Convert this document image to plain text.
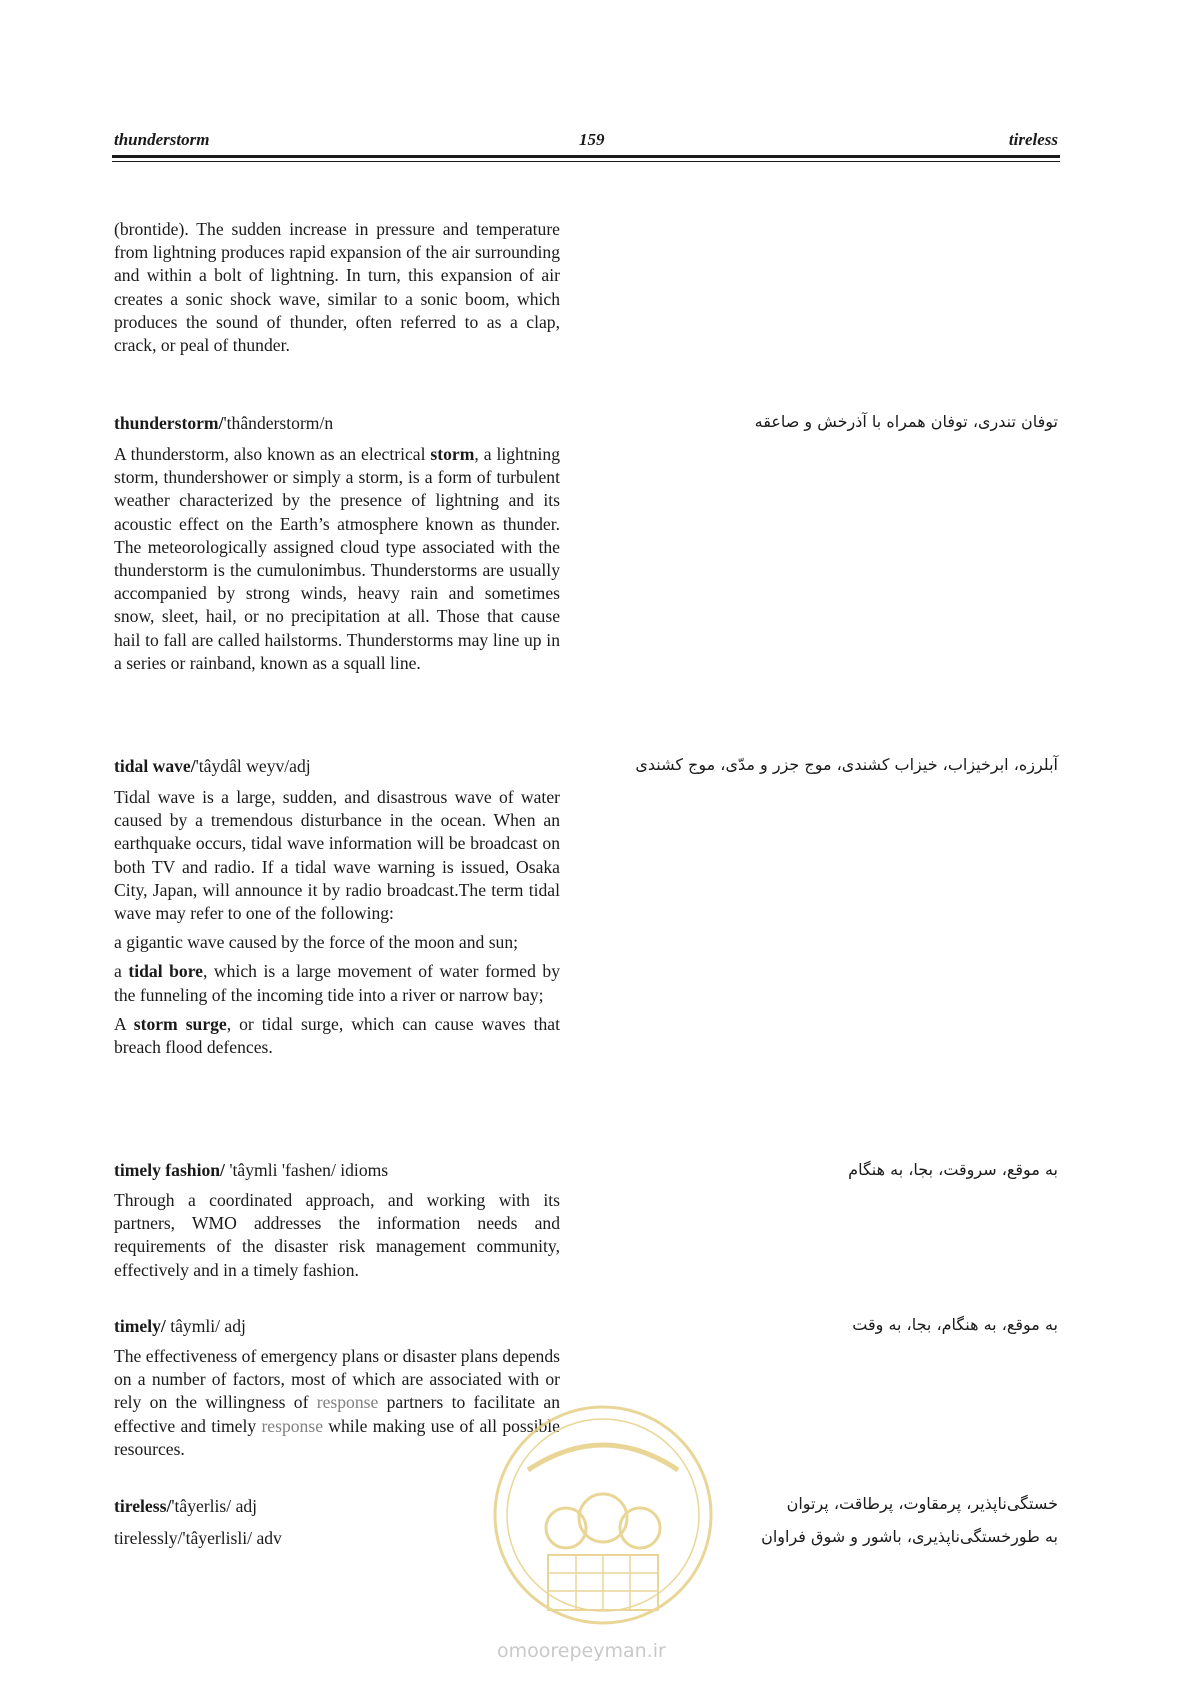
thunderstorm	159	tireless

(brontide). The sudden increase in pressure and temperature from lightning produces rapid expansion of the air surrounding and within a bolt of lightning. In turn, this expansion of air creates a sonic shock wave, similar to a sonic boom, which produces the sound of thunder, often referred to as a clap, crack, or peal of thunder.

thunderstorm/'thânderstorm/n	توفان تندری، توفان همراه با آذرخش و صاعقه

A thunderstorm, also known as an electrical storm, a lightning storm, thundershower or simply a storm, is a form of turbulent weather characterized by the presence of lightning and its acoustic effect on the Earth’s atmosphere known as thunder. The meteorologically assigned cloud type associated with the thunderstorm is the cumulonimbus. Thunderstorms are usually accompanied by strong winds, heavy rain and sometimes snow, sleet, hail, or no precipitation at all. Those that cause hail to fall are called hailstorms. Thunderstorms may line up in a series or rainband, known as a squall line.

tidal wave/'tâydâl weyv/adj	آبلرزه، ابرخیزاب، خیزاب کشندی، موج جزر و مدّی، موج کشندی

Tidal wave is a large, sudden, and disastrous wave of water caused by a tremendous disturbance in the ocean. When an earthquake occurs, tidal wave information will be broadcast on both TV and radio. If a tidal wave warning is issued, Osaka City, Japan, will announce it by radio broadcast.The term tidal wave may refer to one of the following:

a gigantic wave caused by the force of the moon and sun;

a tidal bore, which is a large movement of water formed by the funneling of the incoming tide into a river or narrow bay;

A storm surge, or tidal surge, which can cause waves that breach flood defences.

timely fashion/ 'tâymli 'fashen/ idioms	به موقع، سروقت، بجا، به هنگام

Through a coordinated approach, and working with its partners, WMO addresses the information needs and requirements of the disaster risk management community, effectively and in a timely fashion.

timely/ tâymli/ adj	به موقع، به هنگام، بجا، به وقت

The effectiveness of emergency plans or disaster plans depends on a number of factors, most of which are associated with or rely on the willingness of response partners to facilitate an effective and timely response while making use of all possible resources.

tireless/'tâyerlis/ adj	خستگی‌ناپذیر، پرمقاوت، پرطاقت، پرتوان
tirelessly/'tâyerlisli/ adv	به طورخستگی‌ناپذیری، باشور و شوق فراوان
omoorepeyman.ir
